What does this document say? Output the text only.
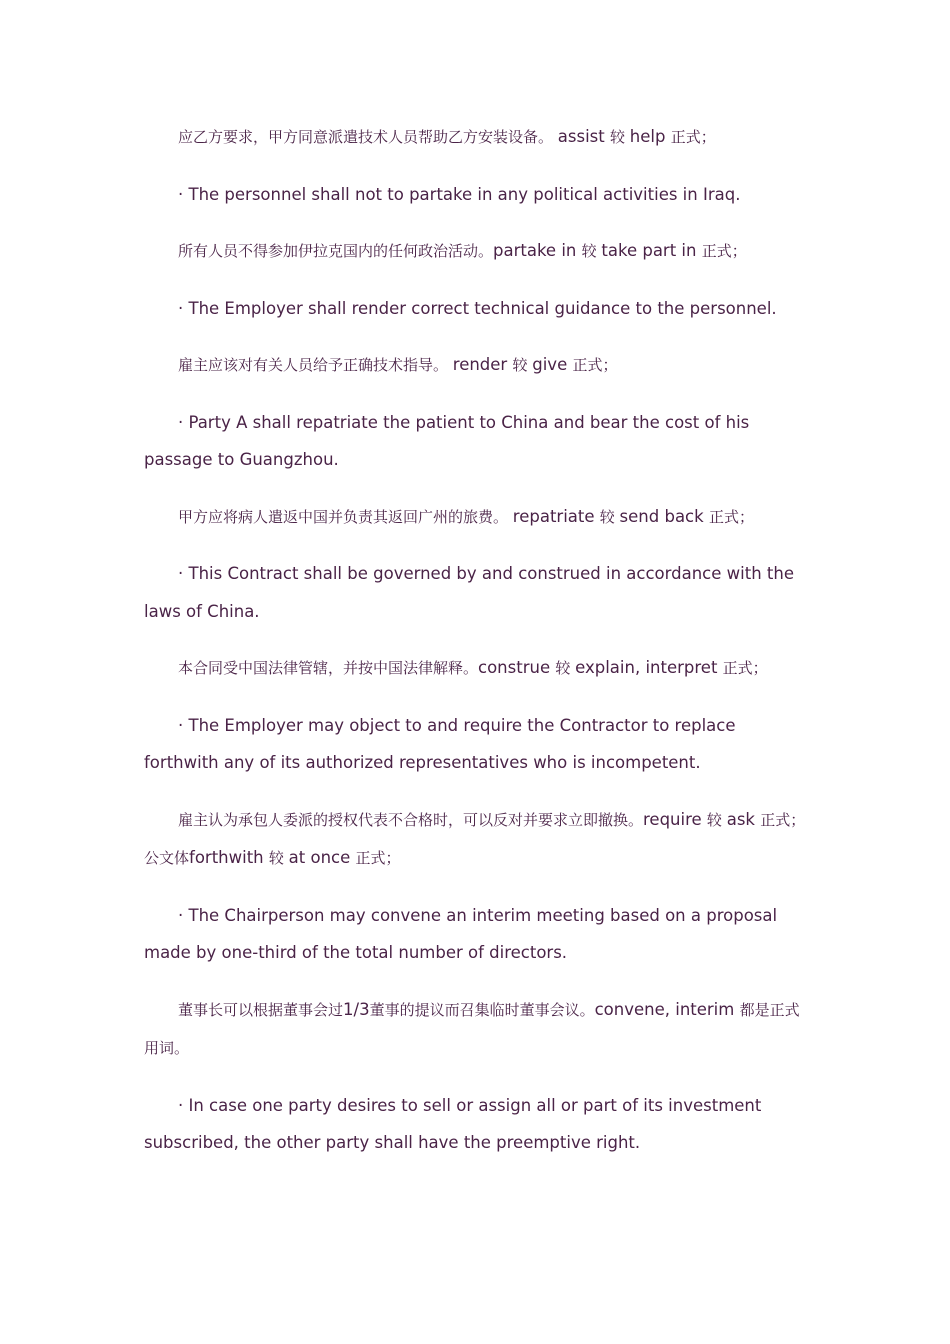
应乙方要求，甲方同意派遣技术人员帮助乙方安装设备。 assist 较 help 正式；

· The personnel shall not to partake in any political activities in Iraq.

所有人员不得参加伊拉克国内的任何政治活动。partake in 较 take part in 正式；

· The Employer shall render correct technical guidance to the personnel.

雇主应该对有关人员给予正确技术指导。 render 较 give 正式；

· Party A shall repatriate the patient to China and bear the cost of his passage to Guangzhou.

甲方应将病人遣返中国并负责其返回广州的旅费。 repatriate 较 send back 正式；

· This Contract shall be governed by and construed in accordance with the laws of China.

本合同受中国法律管辖，并按中国法律解释。construe 较 explain, interpret 正式；

· The Employer may object to and require the Contractor to replace forthwith any of its authorized representatives who is incompetent.

雇主认为承包人委派的授权代表不合格时，可以反对并要求立即撤换。require 较 ask 正式；公文体forthwith 较 at once 正式；

· The Chairperson may convene an interim meeting based on a proposal made by one-third of the total number of directors.

董事长可以根据董事会过1/3董事的提议而召集临时董事会议。convene, interim 都是正式用词。

· In case one party desires to sell or assign all or part of its investment subscribed, the other party shall have the preemptive right.
